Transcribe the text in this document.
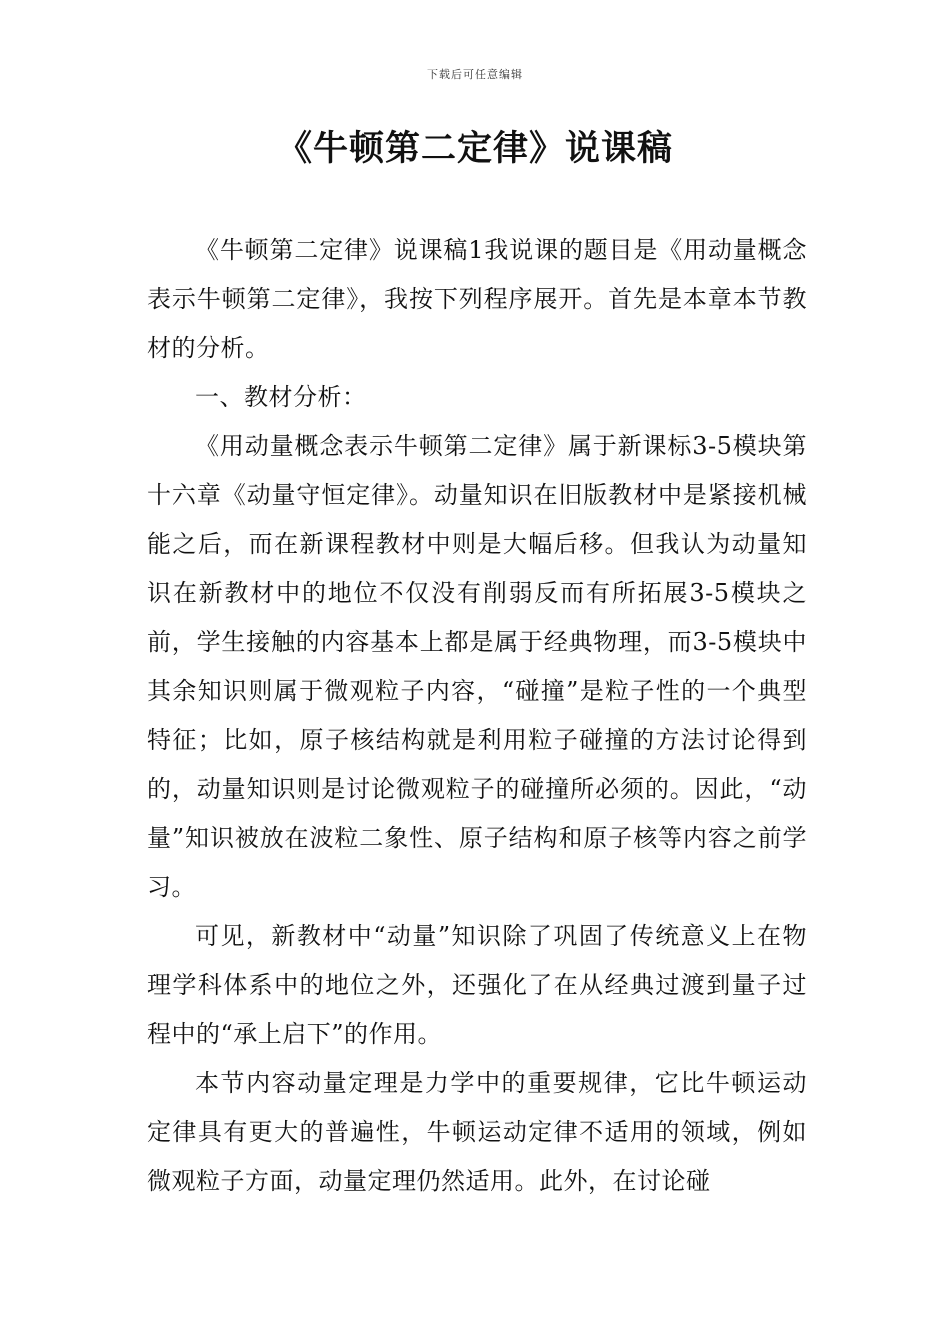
下载后可任意编辑
《牛顿第二定律》说课稿

《牛顿第二定律》说课稿1我说课的题目是《用动量概念表示牛顿第二定律》，我按下列程序展开。首先是本章本节教材的分析。

一、教材分析：

《用动量概念表示牛顿第二定律》属于新课标3-5模块第十六章《动量守恒定律》。动量知识在旧版教材中是紧接机械能之后，而在新课程教材中则是大幅后移。但我认为动量知识在新教材中的地位不仅没有削弱反而有所拓展3-5模块之前，学生接触的内容基本上都是属于经典物理，而3-5模块中其余知识则属于微观粒子内容，“碰撞”是粒子性的一个典型特征；比如，原子核结构就是利用粒子碰撞的方法讨论得到的，动量知识则是讨论微观粒子的碰撞所必须的。因此，“动量”知识被放在波粒二象性、原子结构和原子核等内容之前学习。

可见，新教材中“动量”知识除了巩固了传统意义上在物理学科体系中的地位之外，还强化了在从经典过渡到量子过程中的“承上启下”的作用。

本节内容动量定理是力学中的重要规律，它比牛顿运动定律具有更大的普遍性，牛顿运动定律不适用的领域，例如微观粒子方面，动量定理仍然适用。此外，在讨论碰
